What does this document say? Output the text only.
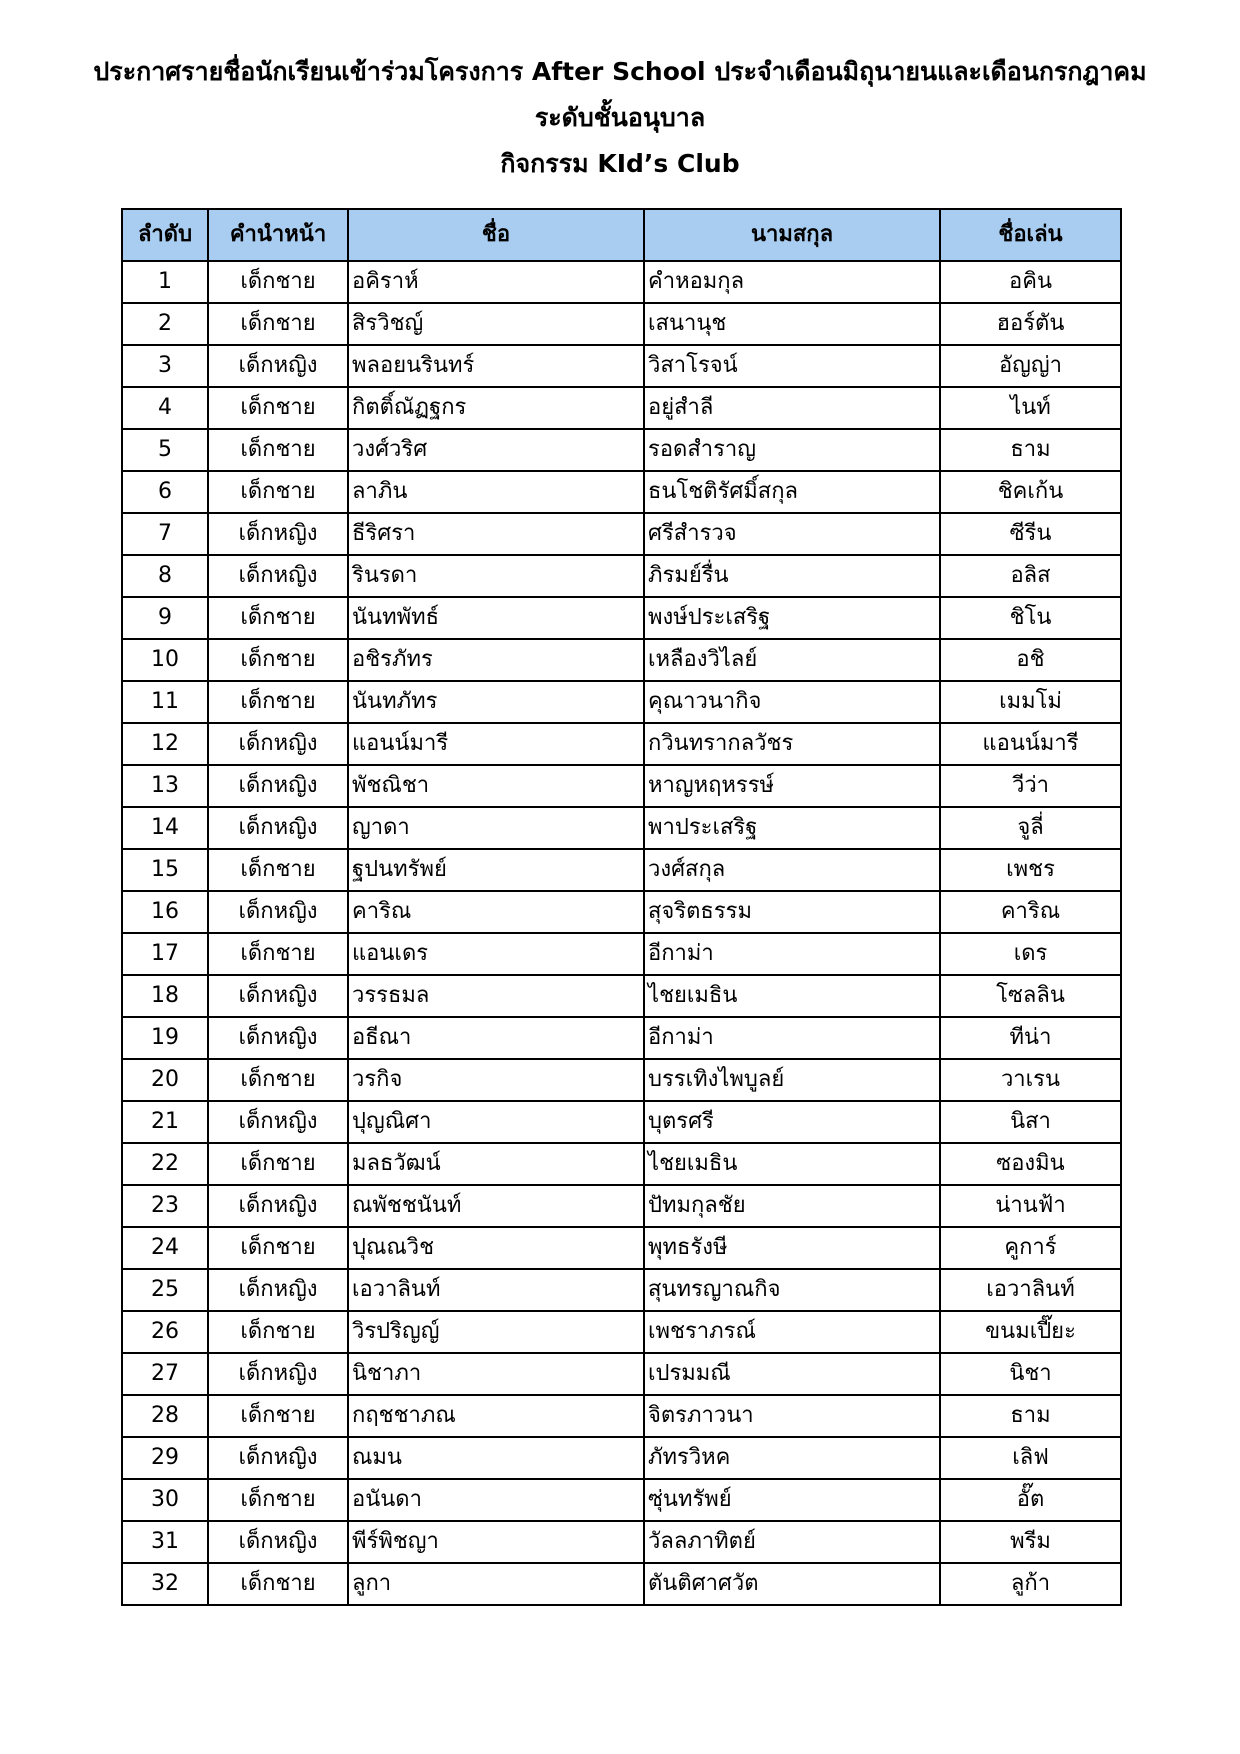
ประกาศรายชื่อนักเรียนเข้าร่วมโครงการ After School ประจำเดือนมิถุนายนและเดือนกรกฎาคม
ระดับชั้นอนุบาล
กิจกรรม KId’s Club
ลำดับ	คำนำหน้า	ชื่อ	นามสกุล	ชื่อเล่น
1	เด็กชาย	อคิราห์	คำหอมกุล	อคิน
2	เด็กชาย	สิรวิชญ์	เสนานุช	ฮอร์ตัน
3	เด็กหญิง	พลอยนรินทร์	วิสาโรจน์	อัญญ่า
4	เด็กชาย	กิตติ์ณัฏฐกร	อยู่สำลี	ไนท์
5	เด็กชาย	วงศ์วริศ	รอดสำราญ	ธาม
6	เด็กชาย	ลาภิน	ธนโชติรัศมิ์สกุล	ชิคเก้น
7	เด็กหญิง	ธีริศรา	ศรีสำรวจ	ซีรีน
8	เด็กหญิง	รินรดา	ภิรมย์รื่น	อลิส
9	เด็กชาย	นันทพัทธ์	พงษ์ประเสริฐ	ชิโน
10	เด็กชาย	อชิรภัทร	เหลืองวิไลย์	อชิ
11	เด็กชาย	นันทภัทร	คุณาวนากิจ	เมมโม่
12	เด็กหญิง	แอนน์มารี	กวินทรากลวัชร	แอนน์มารี
13	เด็กหญิง	พัชณิชา	หาญหฤหรรษ์	วีว่า
14	เด็กหญิง	ญาดา	พาประเสริฐ	จูลี่
15	เด็กชาย	ฐปนทรัพย์	วงศ์สกุล	เพชร
16	เด็กหญิง	คาริณ	สุจริตธรรม	คาริณ
17	เด็กชาย	แอนเดร	อีกาม่า	เดร
18	เด็กหญิง	วรรธมล	ไชยเมธิน	โซลลิน
19	เด็กหญิง	อธีณา	อีกาม่า	ทีน่า
20	เด็กชาย	วรกิจ	บรรเทิงไพบูลย์	วาเรน
21	เด็กหญิง	ปุญณิศา	บุตรศรี	นิสา
22	เด็กชาย	มลธวัฒน์	ไชยเมธิน	ซองมิน
23	เด็กหญิง	ณพัชชนันท์	ปัทมกุลชัย	น่านฟ้า
24	เด็กชาย	ปุณณวิช	พุทธรังษี	คูการ์
25	เด็กหญิง	เอวาลินท์	สุนทรญาณกิจ	เอวาลินท์
26	เด็กชาย	วิรปริญญ์	เพชราภรณ์	ขนมเปี๊ยะ
27	เด็กหญิง	นิชาภา	เปรมมณี	นิชา
28	เด็กชาย	กฤชชาภณ	จิตรภาวนา	ธาม
29	เด็กหญิง	ณมน	ภัทรวิหค	เลิฟ
30	เด็กชาย	อนันดา	ซุ่นทรัพย์	อั๊ต
31	เด็กหญิง	พีร์พิชญา	วัลลภาทิตย์	พรีม
32	เด็กชาย	ลูกา	ตันติศาศวัต	ลูก้า
